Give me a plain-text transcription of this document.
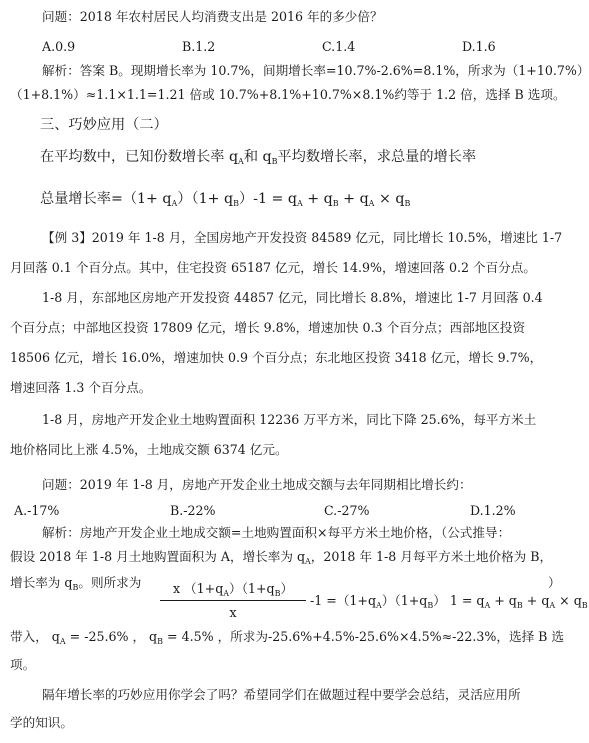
问题：2018 年农村居民人均消费支出是 2016 年的多少倍？
A.0.9	B.1.2	C.1.4	D.1.6
解析：答案 B。现期增长率为 10.7%，间期增长率=10.7%-2.6%=8.1%，所求为（1+10.7%）
（1+8.1%）≈1.1×1.1=1.21 倍或 10.7%+8.1%+10.7%×8.1%约等于 1.2 倍，选择 B 选项。
三、巧妙应用（二）
在平均数中，已知份数增长率 $q_A$和 $q_B$平均数增长率，求总量的增长率
总量增长率$=(1+ q_A)(1+ q_B)-1 = q_A + q_B + q_A \times q_B$
【例 3】2019 年 1-8 月，全国房地产开发投资 84589 亿元，同比增长 10.5%，增速比 1-7
月回落 0.1 个百分点。其中，住宅投资 65187 亿元，增长 14.9%，增速回落 0.2 个百分点。
1-8 月，东部地区房地产开发投资 44857 亿元，同比增长 8.8%，增速比 1-7 月回落 0.4
个百分点；中部地区投资 17809 亿元，增长 9.8%，增速加快 0.3 个百分点；西部地区投资
18506 亿元，增长 16.0%，增速加快 0.9 个百分点；东北地区投资 3418 亿元，增长 9.7%，
增速回落 1.3 个百分点。
1-8 月，房地产开发企业土地购置面积 12236 万平方米，同比下降 25.6%，每平方米土
地价格同比上涨 4.5%，土地成交额 6374 亿元。
问题：2019 年 1-8 月，房地产开发企业土地成交额与去年同期相比增长约：
A.-17%	B.-22%	C.-27%	D.1.2%
解析：房地产开发企业土地成交额=土地购置面积×每平方米土地价格，（公式推导：
假设 2018 年 1-8 月土地购置面积为 A，增长率为 $q_A$，2018 年 1-8 月每平方米土地价格为 B，
增长率为 $q_B$。则所求为	x $(1+q_A)(1+q_B)$
x
$-1 =(1+q_A)(1+q_B) 1 = q_A + q_B + q_A \times q_B$
）
带入， $q_A = -25.6\%$ ， $q_B = 4.5\%$ ，所求为-25.6%+4.5%-25.6%×4.5%≈-22.3%，选择 B 选
项。
隔年增长率的巧妙应用你学会了吗？希望同学们在做题过程中要学会总结，灵活应用所
学的知识。
